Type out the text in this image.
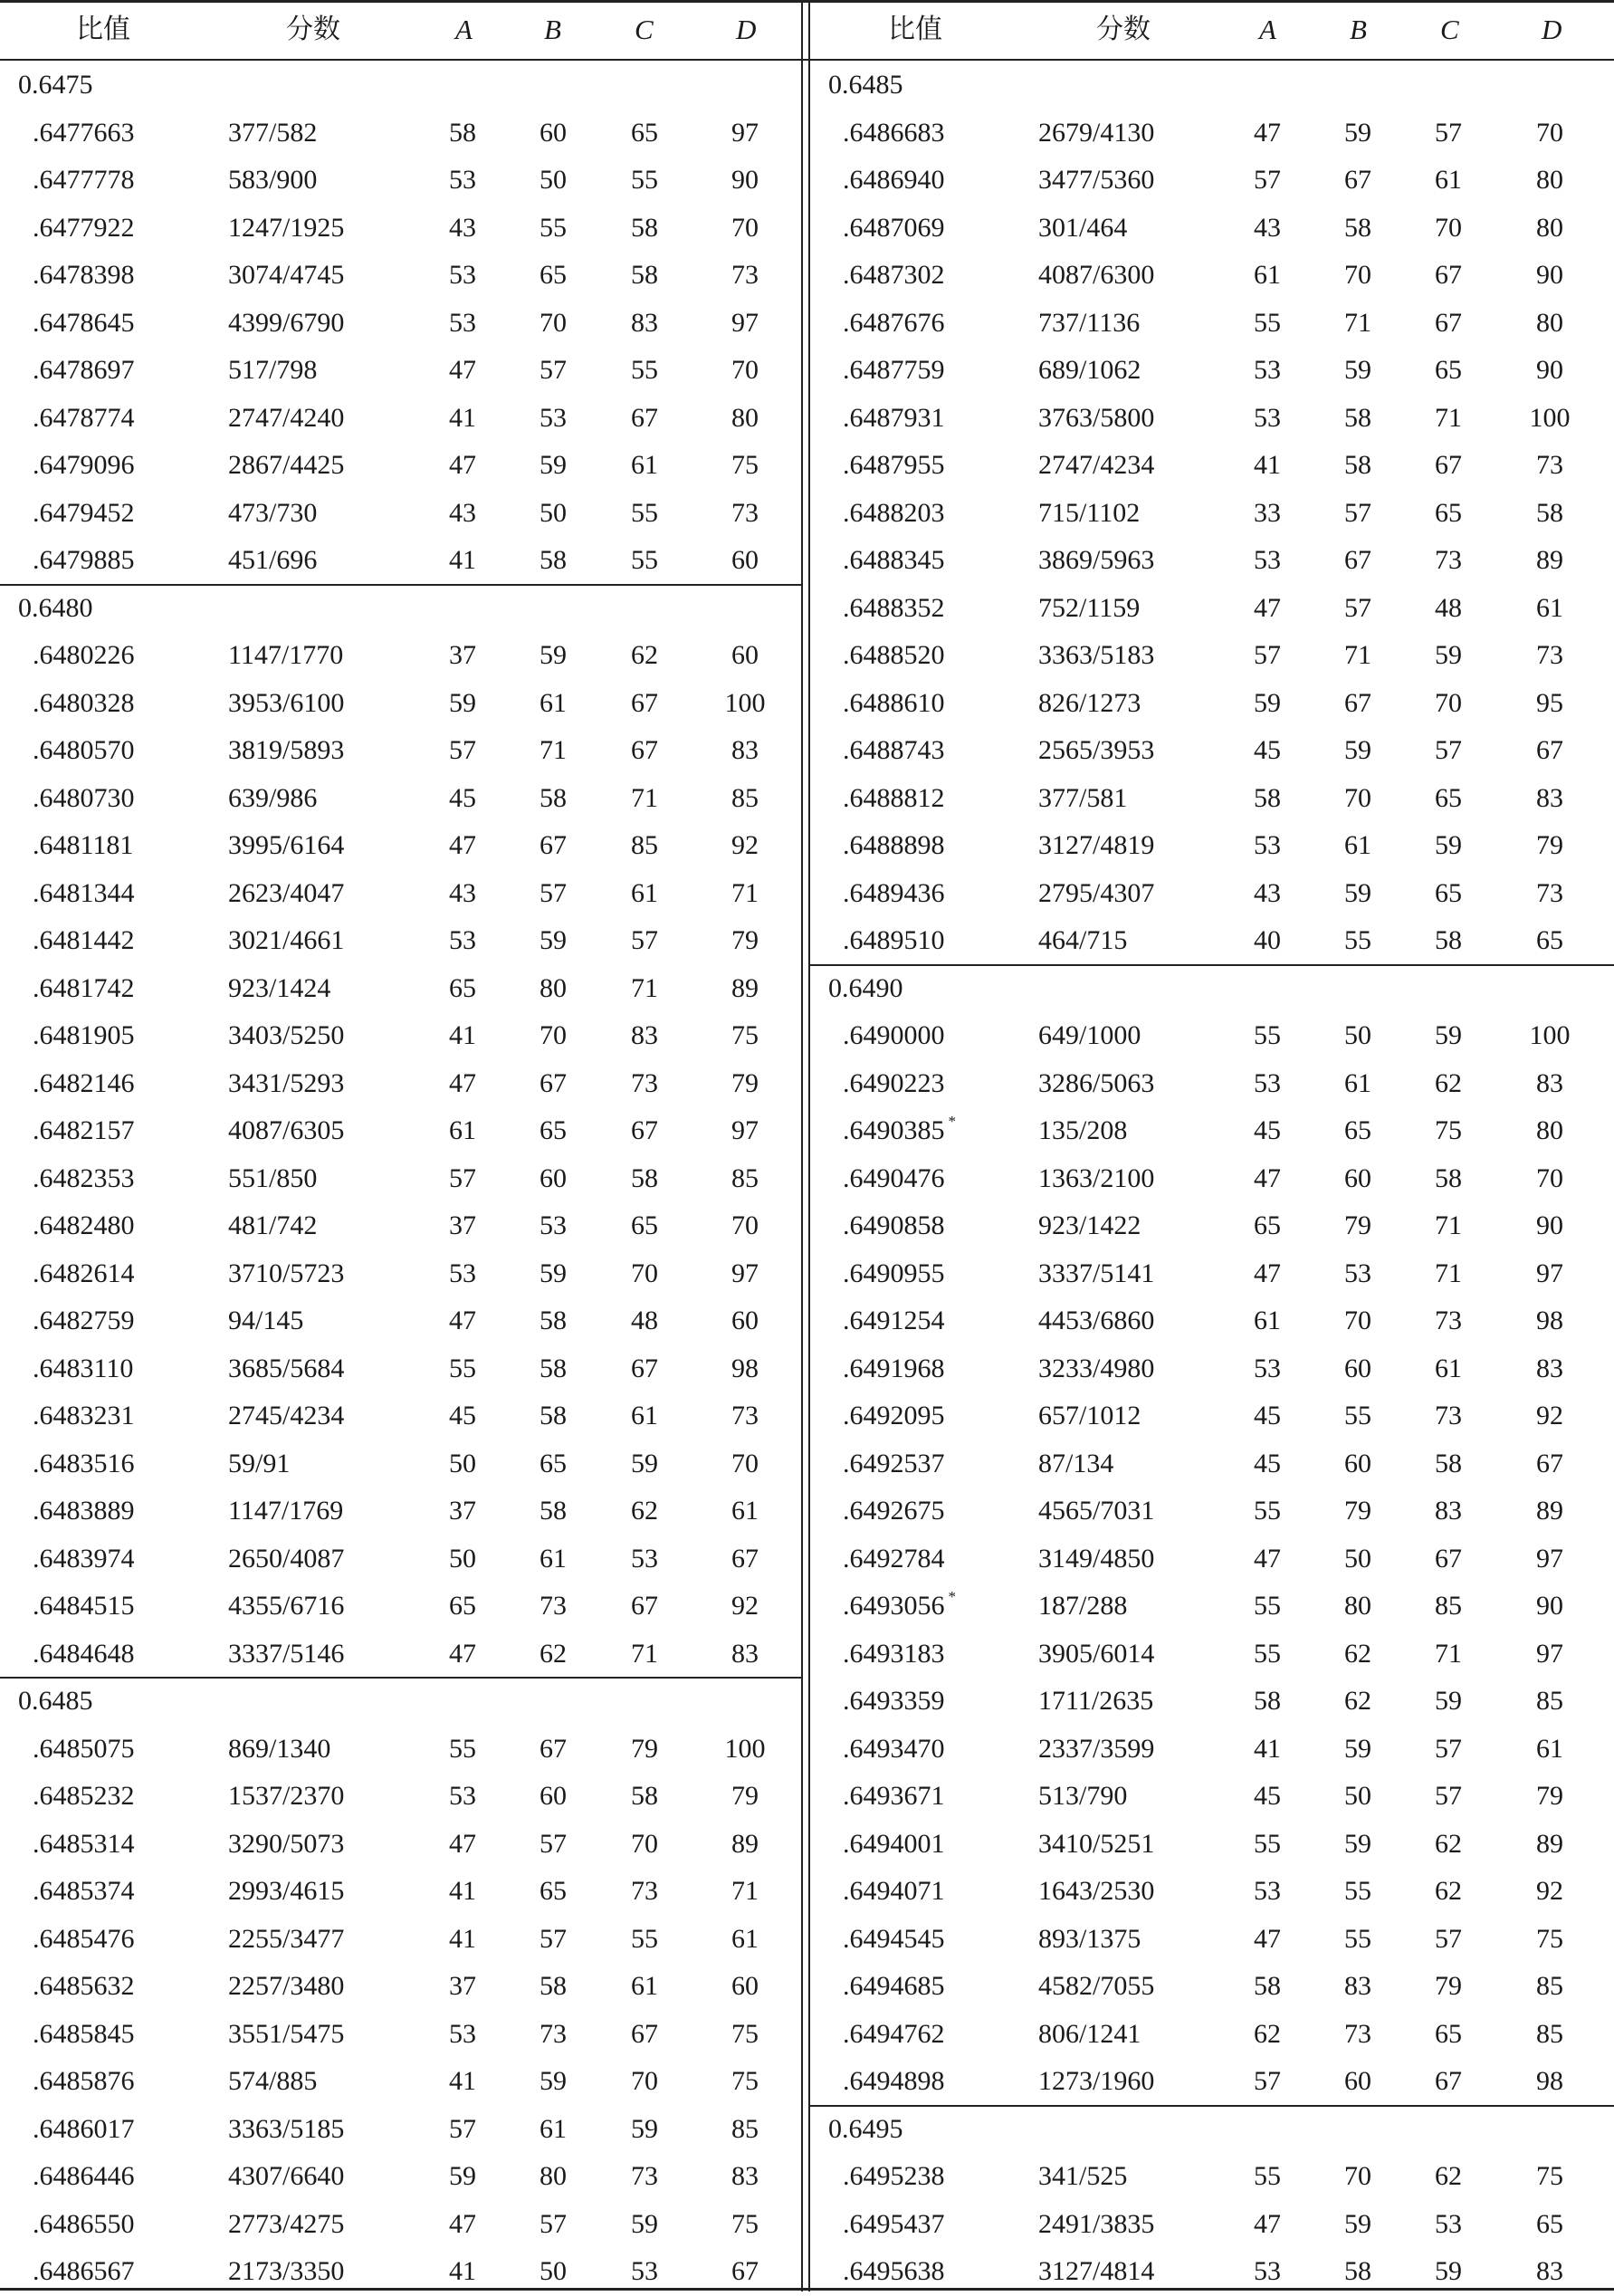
比值	分数	A	B	C	D
0.6475
.6477663	377/582	58	60	65	97
.6477778	583/900	53	50	55	90
.6477922	1247/1925	43	55	58	70
.6478398	3074/4745	53	65	58	73
.6478645	4399/6790	53	70	83	97
.6478697	517/798	47	57	55	70
.6478774	2747/4240	41	53	67	80
.6479096	2867/4425	47	59	61	75
.6479452	473/730	43	50	55	73
.6479885	451/696	41	58	55	60
0.6480
.6480226	1147/1770	37	59	62	60
.6480328	3953/6100	59	61	67	100
.6480570	3819/5893	57	71	67	83
.6480730	639/986	45	58	71	85
.6481181	3995/6164	47	67	85	92
.6481344	2623/4047	43	57	61	71
.6481442	3021/4661	53	59	57	79
.6481742	923/1424	65	80	71	89
.6481905	3403/5250	41	70	83	75
.6482146	3431/5293	47	67	73	79
.6482157	4087/6305	61	65	67	97
.6482353	551/850	57	60	58	85
.6482480	481/742	37	53	65	70
.6482614	3710/5723	53	59	70	97
.6482759	94/145	47	58	48	60
.6483110	3685/5684	55	58	67	98
.6483231	2745/4234	45	58	61	73
.6483516	59/91	50	65	59	70
.6483889	1147/1769	37	58	62	61
.6483974	2650/4087	50	61	53	67
.6484515	4355/6716	65	73	67	92
.6484648	3337/5146	47	62	71	83
0.6485
.6485075	869/1340	55	67	79	100
.6485232	1537/2370	53	60	58	79
.6485314	3290/5073	47	57	70	89
.6485374	2993/4615	41	65	73	71
.6485476	2255/3477	41	57	55	61
.6485632	2257/3480	37	58	61	60
.6485845	3551/5475	53	73	67	75
.6485876	574/885	41	59	70	75
.6486017	3363/5185	57	61	59	85
.6486446	4307/6640	59	80	73	83
.6486550	2773/4275	47	57	59	75
.6486567	2173/3350	41	50	53	67
比值	分数	A	B	C	D
0.6485
.6486683	2679/4130	47	59	57	70
.6486940	3477/5360	57	67	61	80
.6487069	301/464	43	58	70	80
.6487302	4087/6300	61	70	67	90
.6487676	737/1136	55	71	67	80
.6487759	689/1062	53	59	65	90
.6487931	3763/5800	53	58	71	100
.6487955	2747/4234	41	58	67	73
.6488203	715/1102	33	57	65	58
.6488345	3869/5963	53	67	73	89
.6488352	752/1159	47	57	48	61
.6488520	3363/5183	57	71	59	73
.6488610	826/1273	59	67	70	95
.6488743	2565/3953	45	59	57	67
.6488812	377/581	58	70	65	83
.6488898	3127/4819	53	61	59	79
.6489436	2795/4307	43	59	65	73
.6489510	464/715	40	55	58	65
0.6490
.6490000	649/1000	55	50	59	100
.6490223	3286/5063	53	61	62	83
.6490385 *	135/208	45	65	75	80
.6490476	1363/2100	47	60	58	70
.6490858	923/1422	65	79	71	90
.6490955	3337/5141	47	53	71	97
.6491254	4453/6860	61	70	73	98
.6491968	3233/4980	53	60	61	83
.6492095	657/1012	45	55	73	92
.6492537	87/134	45	60	58	67
.6492675	4565/7031	55	79	83	89
.6492784	3149/4850	47	50	67	97
.6493056 *	187/288	55	80	85	90
.6493183	3905/6014	55	62	71	97
.6493359	1711/2635	58	62	59	85
.6493470	2337/3599	41	59	57	61
.6493671	513/790	45	50	57	79
.6494001	3410/5251	55	59	62	89
.6494071	1643/2530	53	55	62	92
.6494545	893/1375	47	55	57	75
.6494685	4582/7055	58	83	79	85
.6494762	806/1241	62	73	65	85
.6494898	1273/1960	57	60	67	98
0.6495
.6495238	341/525	55	70	62	75
.6495437	2491/3835	47	59	53	65
.6495638	3127/4814	53	58	59	83
